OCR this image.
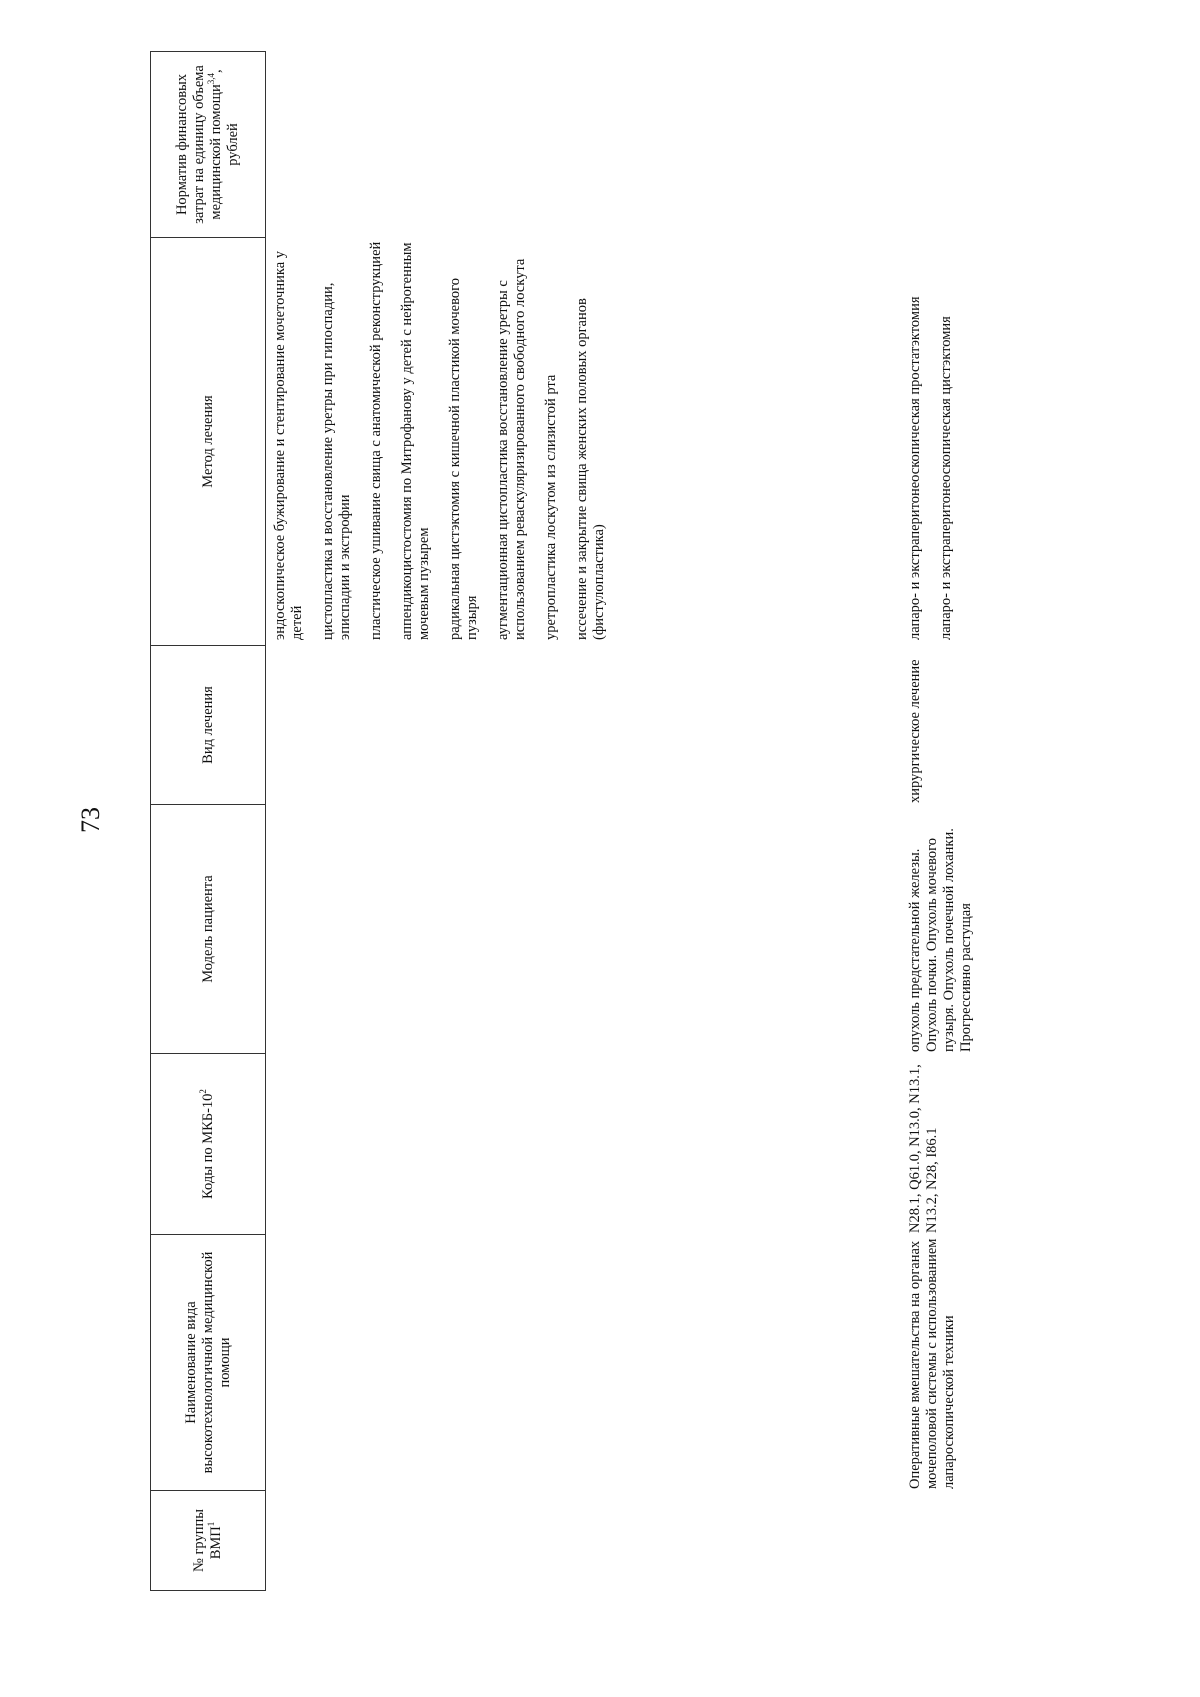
73
№ группы ВМП$^1$
Наименование вида высокотехнологичной медицинской помощи
Коды по МКБ-$10^2$
Модель пациента
Вид лечения
Метод лечения
Норматив финансовых затрат на единицу объема медицинской помощи$^{3,4}$, рублей
эндоскопическое бужирование и стентирование мочеточника у детей цистопластика и восстановление уретры при гипоспадии, эписпадии и экстрофии пластическое ушивание свища с анатомической реконструкцией аппендикоцистостомия по Митрофанову у детей с нейрогенным мочевым пузырем радикальная цистэктомия с кишечной пластикой мочевого пузыря аугментационная цистопластика восстановление уретры с использованием реваскуляризированного свободного лоскута уретропластика лоскутом из слизистой рта иссечение и закрытие свища женских половых органов (фистулопластика)
Оперативные вмешательства на органах мочеполовой системы с использованием лапароскопической техники
N28.1, Q61.0, N13.0, N13.1, N13.2, N28, I86.1
опухоль предстательной железы. Опухоль почки. Опухоль мочевого пузыря. Опухоль почечной лоханки. Прогрессивно растущая
хирургическое лечение
лапаро- и экстраперитонеоскопическая простатэктомия лапаро- и экстраперитонеоскопическая цистэктомия
